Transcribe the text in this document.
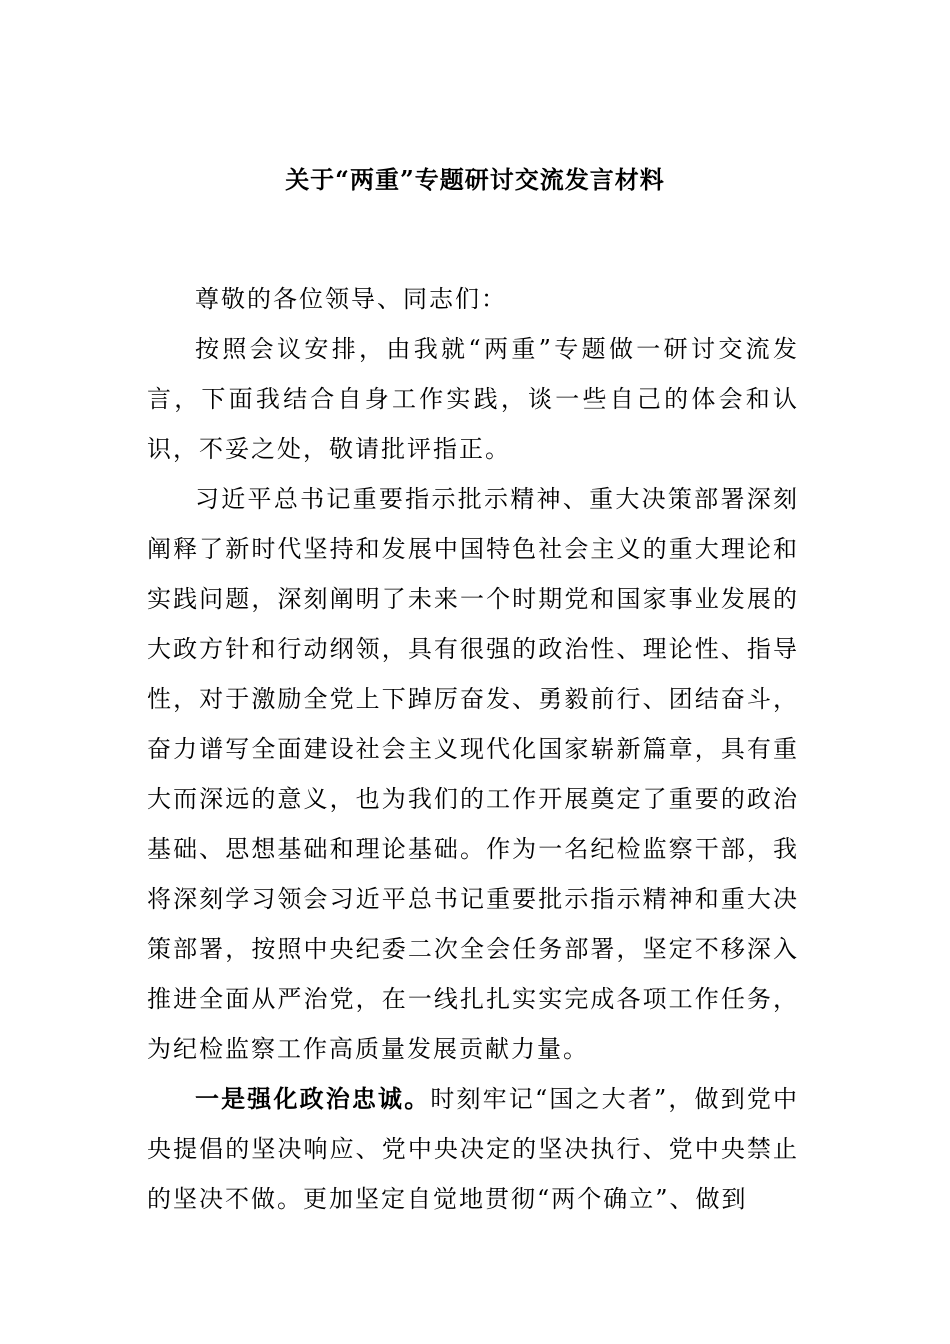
关于“两重”专题研讨交流发言材料

尊敬的各位领导、同志们：

按照会议安排，由我就“两重”专题做一研讨交流发言，下面我结合自身工作实践，谈一些自己的体会和认识，不妥之处，敬请批评指正。

习近平总书记重要指示批示精神、重大决策部署深刻阐释了新时代坚持和发展中国特色社会主义的重大理论和实践问题，深刻阐明了未来一个时期党和国家事业发展的大政方针和行动纲领，具有很强的政治性、理论性、指导性，对于激励全党上下踔厉奋发、勇毅前行、团结奋斗，奋力谱写全面建设社会主义现代化国家崭新篇章，具有重大而深远的意义，也为我们的工作开展奠定了重要的政治基础、思想基础和理论基础。作为一名纪检监察干部，我将深刻学习领会习近平总书记重要批示指示精神和重大决策部署，按照中央纪委二次全会任务部署，坚定不移深入推进全面从严治党，在一线扎扎实实完成各项工作任务，为纪检监察工作高质量发展贡献力量。

一是强化政治忠诚。时刻牢记“国之大者”，做到党中央提倡的坚决响应、党中央决定的坚决执行、党中央禁止的坚决不做。更加坚定自觉地贯彻“两个确立”、做到
